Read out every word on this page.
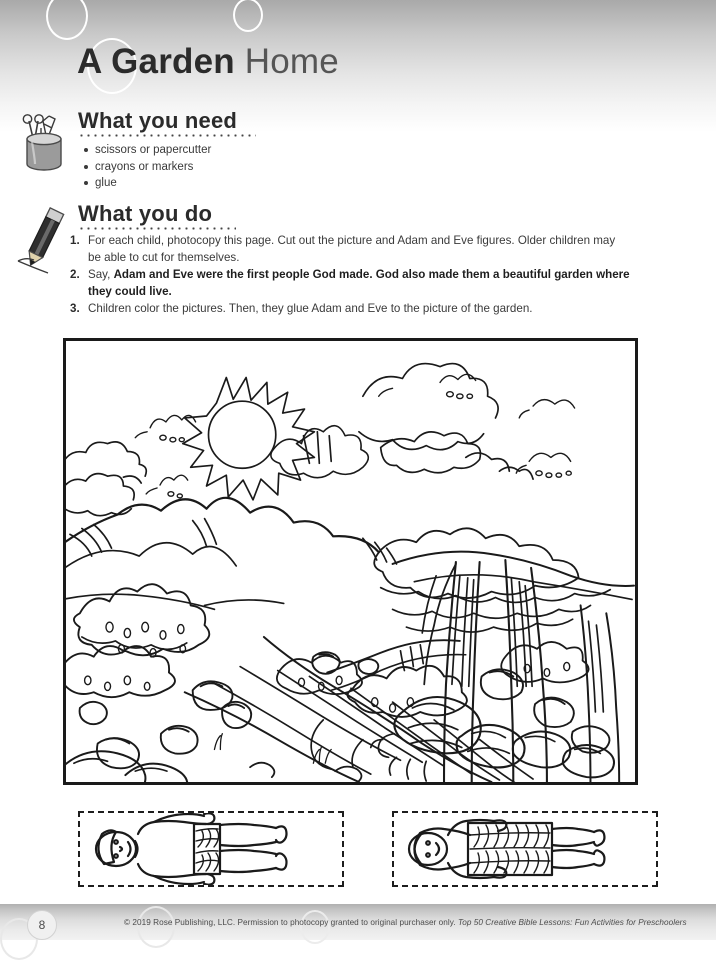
A Garden Home
What you need
scissors or papercutter
crayons or markers
glue
What you do
1. For each child, photocopy this page. Cut out the picture and Adam and Eve figures. Older children may be able to cut for themselves.
2. Say, Adam and Eve were the first people God made. God also made them a beautiful garden where they could live.
3. Children color the pictures. Then, they glue Adam and Eve to the picture of the garden.
8	© 2019 Rose Publishing, LLC. Permission to photocopy granted to original purchaser only. Top 50 Creative Bible Lessons: Fun Activities for Preschoolers
